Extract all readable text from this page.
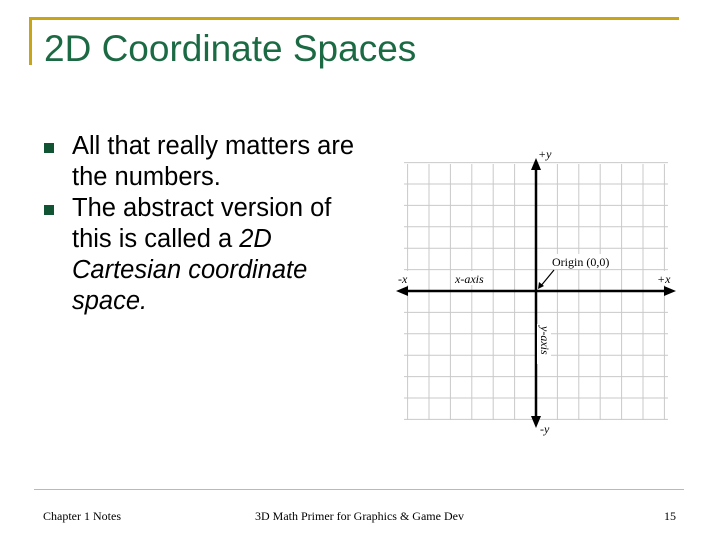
2D Coordinate Spaces
All that really matters are the numbers.
The abstract version of this is called a 2D Cartesian coordinate space.
+y
-y
+x
-x	x-axis
Origin (0,0)
y-axis
Chapter 1 Notes	3D Math Primer for Graphics & Game Dev	15
